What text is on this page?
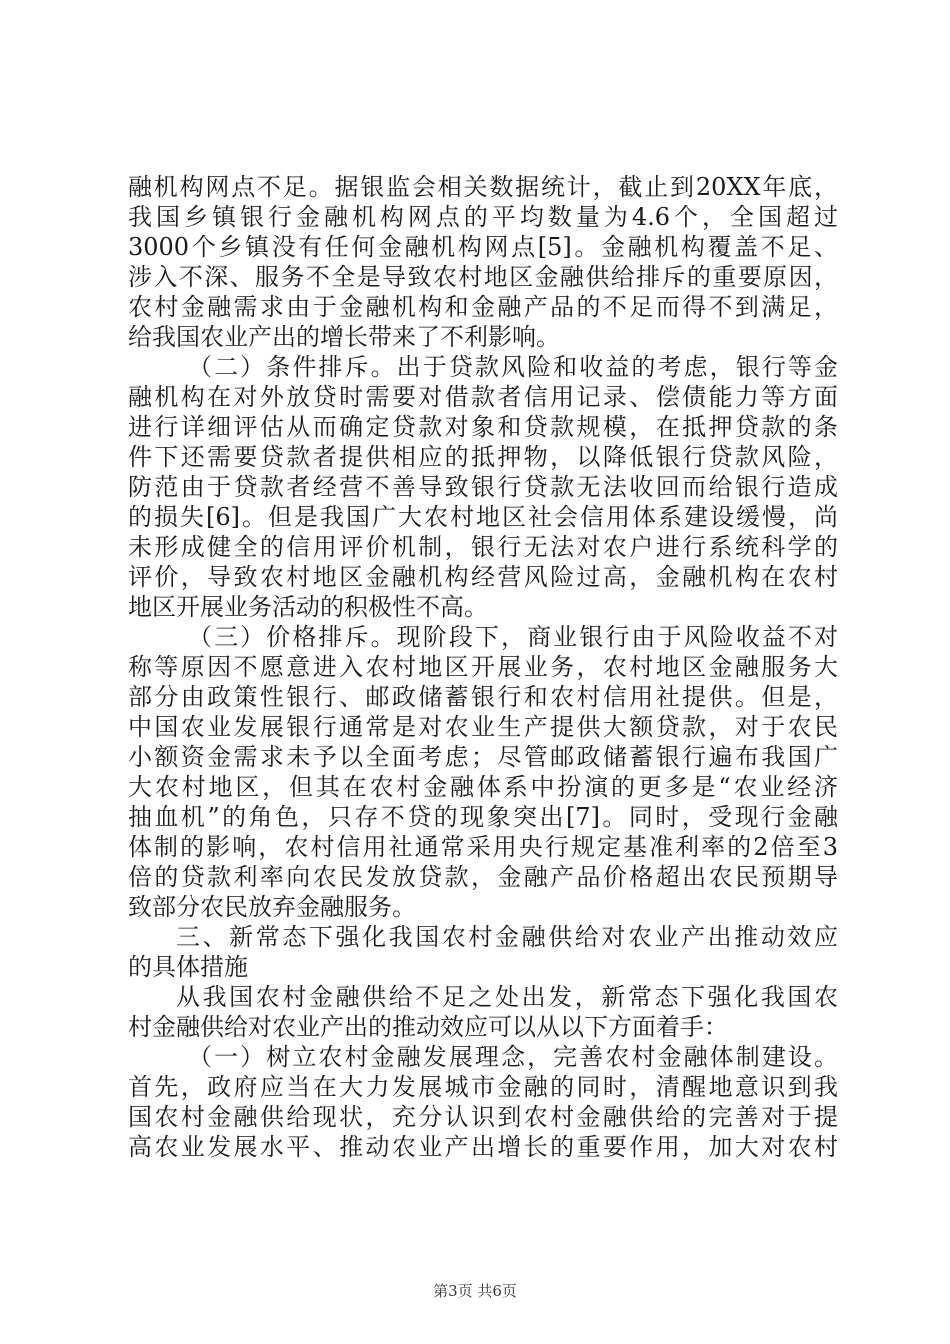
融机构网点不足。据银监会相关数据统计，截止到20XX年底，
我国乡镇银行金融机构网点的平均数量为4.6个，全国超过
3000个乡镇没有任何金融机构网点[5]。金融机构覆盖不足、
涉入不深、服务不全是导致农村地区金融供给排斥的重要原因，
农村金融需求由于金融机构和金融产品的不足而得不到满足，
给我国农业产出的增长带来了不利影响。
（二）条件排斥。出于贷款风险和收益的考虑，银行等金
融机构在对外放贷时需要对借款者信用记录、偿债能力等方面
进行详细评估从而确定贷款对象和贷款规模，在抵押贷款的条
件下还需要贷款者提供相应的抵押物，以降低银行贷款风险，
防范由于贷款者经营不善导致银行贷款无法收回而给银行造成
的损失[6]。但是我国广大农村地区社会信用体系建设缓慢，尚
未形成健全的信用评价机制，银行无法对农户进行系统科学的
评价，导致农村地区金融机构经营风险过高，金融机构在农村
地区开展业务活动的积极性不高。
（三）价格排斥。现阶段下，商业银行由于风险收益不对
称等原因不愿意进入农村地区开展业务，农村地区金融服务大
部分由政策性银行、邮政储蓄银行和农村信用社提供。但是，
中国农业发展银行通常是对农业生产提供大额贷款，对于农民
小额资金需求未予以全面考虑；尽管邮政储蓄银行遍布我国广
大农村地区，但其在农村金融体系中扮演的更多是“农业经济
抽血机”的角色，只存不贷的现象突出[7]。同时，受现行金融
体制的影响，农村信用社通常采用央行规定基准利率的2倍至3
倍的贷款利率向农民发放贷款，金融产品价格超出农民预期导
致部分农民放弃金融服务。
三、新常态下强化我国农村金融供给对农业产出推动效应
的具体措施
从我国农村金融供给不足之处出发，新常态下强化我国农
村金融供给对农业产出的推动效应可以从以下方面着手：
（一）树立农村金融发展理念，完善农村金融体制建设。
首先，政府应当在大力发展城市金融的同时，清醒地意识到我
国农村金融供给现状，充分认识到农村金融供给的完善对于提
高农业发展水平、推动农业产出增长的重要作用，加大对农村
第3页 共6页
